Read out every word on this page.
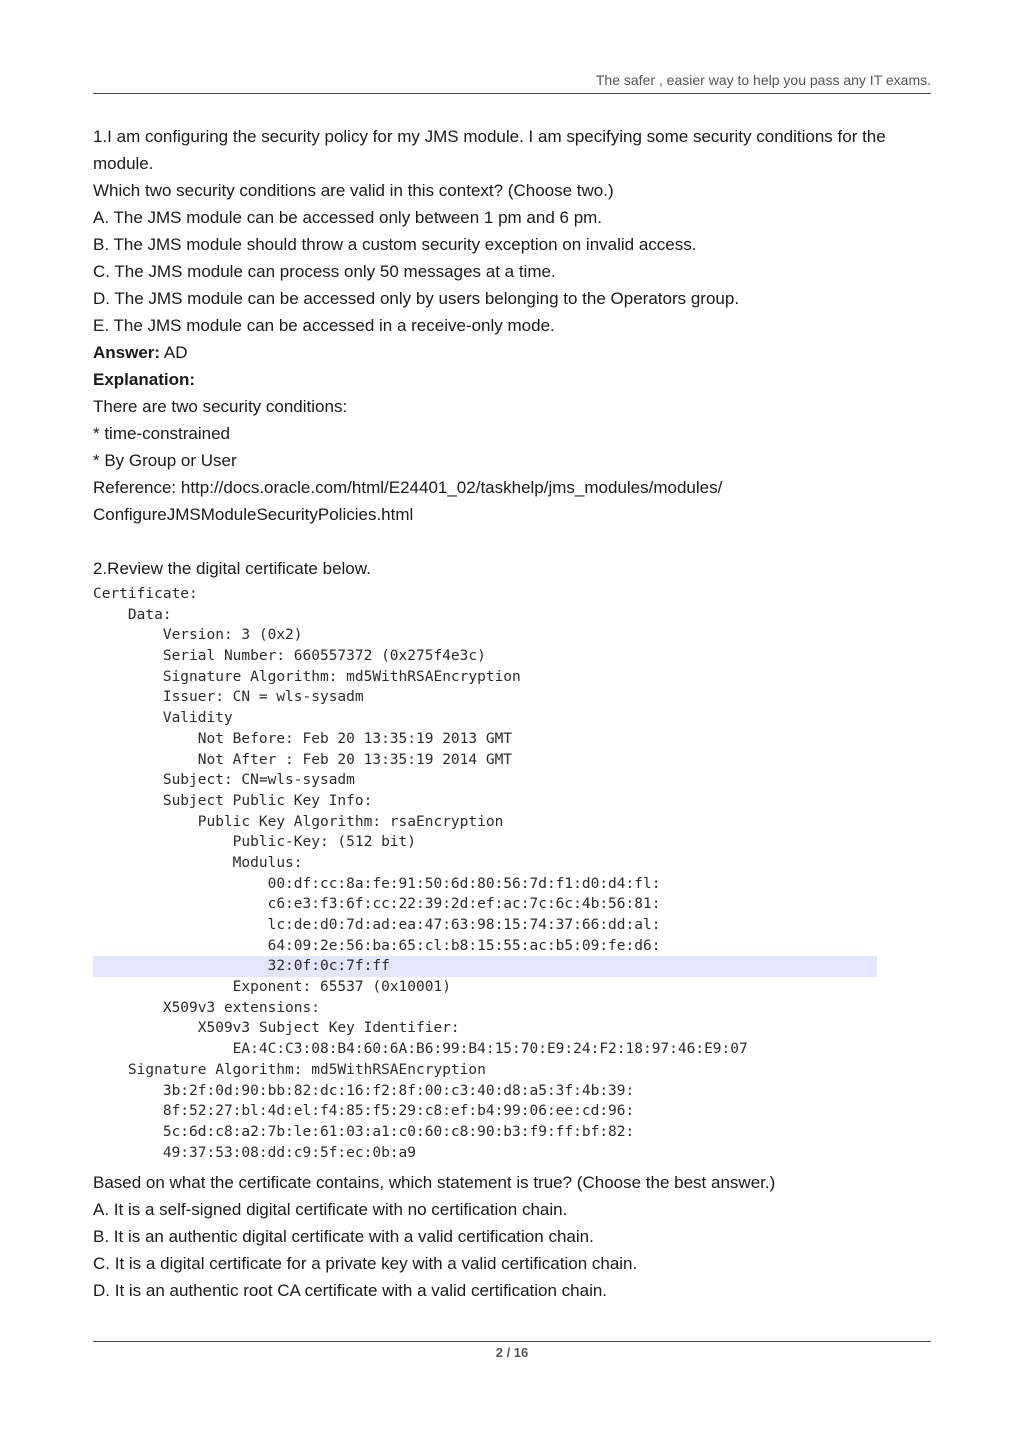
The safer , easier way to help you pass any IT exams.
1.I am configuring the security policy for my JMS module. I am specifying some security conditions for the
module.
Which two security conditions are valid in this context? (Choose two.)
A. The JMS module can be accessed only between 1 pm and 6 pm.
B. The JMS module should throw a custom security exception on invalid access.
C. The JMS module can process only 50 messages at a time.
D. The JMS module can be accessed only by users belonging to the Operators group.
E. The JMS module can be accessed in a receive-only mode.
Answer: AD
Explanation:
There are two security conditions:
* time-constrained
* By Group or User
Reference: http://docs.oracle.com/html/E24401_02/taskhelp/jms_modules/modules/
ConfigureJMSModuleSecurityPolicies.html
2.Review the digital certificate below.
Certificate:
Data:
Version: 3 (0x2)
Serial Number: 660557372 (0x275f4e3c)
Signature Algorithm: md5WithRSAEncryption
Issuer: CN = wls-sysadm
Validity
Not Before: Feb 20 13:35:19 2013 GMT
Not After : Feb 20 13:35:19 2014 GMT
Subject: CN=wls-sysadm
Subject Public Key Info:
Public Key Algorithm: rsaEncryption
Public-Key: (512 bit)
Modulus:
00:df:cc:8a:fe:91:50:6d:80:56:7d:f1:d0:d4:fl:
c6:e3:f3:6f:cc:22:39:2d:ef:ac:7c:6c:4b:56:81:
lc:de:d0:7d:ad:ea:47:63:98:15:74:37:66:dd:al:
64:09:2e:56:ba:65:cl:b8:15:55:ac:b5:09:fe:d6:
32:0f:0c:7f:ff
Exponent: 65537 (0x10001)
X509v3 extensions:
X509v3 Subject Key Identifier:
EA:4C:C3:08:B4:60:6A:B6:99:B4:15:70:E9:24:F2:18:97:46:E9:07
Signature Algorithm: md5WithRSAEncryption
3b:2f:0d:90:bb:82:dc:16:f2:8f:00:c3:40:d8:a5:3f:4b:39:
8f:52:27:bl:4d:el:f4:85:f5:29:c8:ef:b4:99:06:ee:cd:96:
5c:6d:c8:a2:7b:le:61:03:a1:c0:60:c8:90:b3:f9:ff:bf:82:
49:37:53:08:dd:c9:5f:ec:0b:a9
Based on what the certificate contains, which statement is true? (Choose the best answer.)
A. It is a self-signed digital certificate with no certification chain.
B. It is an authentic digital certificate with a valid certification chain.
C. It is a digital certificate for a private key with a valid certification chain.
D. It is an authentic root CA certificate with a valid certification chain.
2 / 16
